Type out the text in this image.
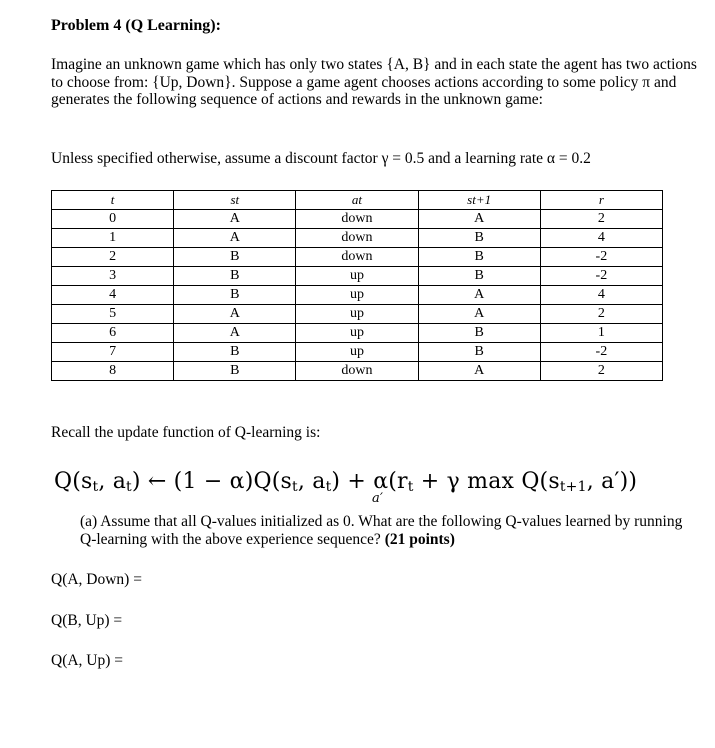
Problem 4 (Q Learning):
Imagine an unknown game which has only two states {A, B} and in each state the agent has two actions to choose from: {Up, Down}. Suppose a game agent chooses actions according to some policy π and generates the following sequence of actions and rewards in the unknown game:
Unless specified otherwise, assume a discount factor γ = 0.5 and a learning rate α = 0.2
t	st	at	st+1	r
0	A	down	A	2
1	A	down	B	4
2	B	down	B	-2
3	B	up	B	-2
4	B	up	A	4
5	A	up	A	2
6	A	up	B	1
7	B	up	B	-2
8	B	down	A	2
Recall the update function of Q-learning is:
$Q(s_t$, $a_t$) ← $(1 - \alpha)Q(s_t$, $a_t) + \alpha(r_t + \gamma$ $\max Q(s_{t+1}$, a′))
a′
(a) Assume that all Q-values initialized as 0. What are the following Q-values learned by running Q-learning with the above experience sequence? (21 points)
Q(A, Down) =
Q(B, Up) =
Q(A, Up) =
